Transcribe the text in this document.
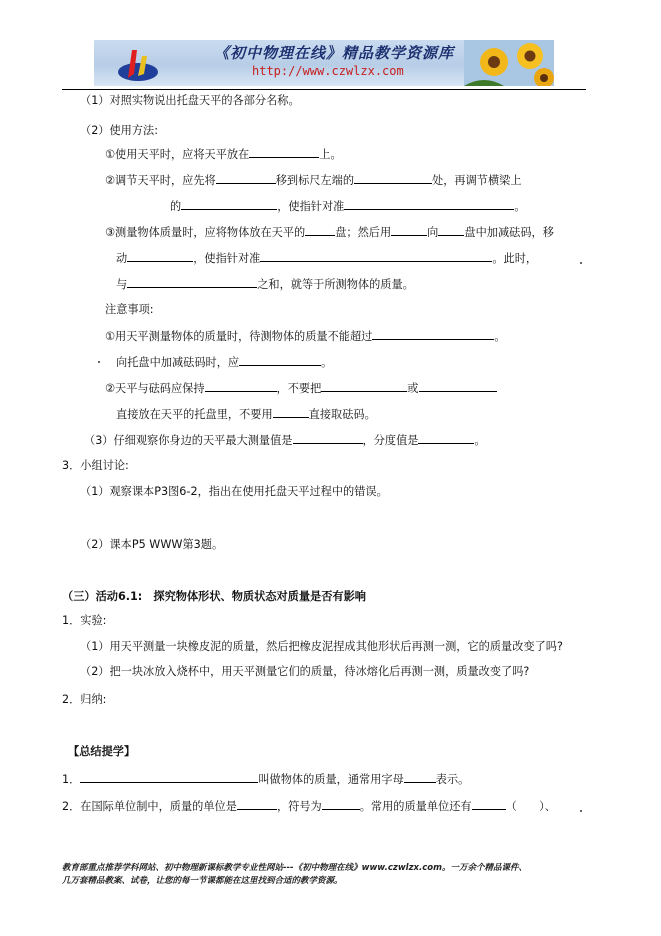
《初中物理在线》精品教学资源库
http://www.czwlzx.com
（1）对照实物说出托盘天平的各部分名称。
（2）使用方法:
①使用天平时，应将天平放在	上。
②调节天平时，应先将	移到标尺左端的	处，再调节横梁上
的	，使指针对准	。
③测量物体质量时，应将物体放在天平的	盘；然后用	向 盘中加减砝码，移
动	，使指针对准	。此时，
与	之和，就等于所测物体的质量。
注意事项:
①用天平测量物体的质量时，待测物体的质量不能超过	。
向托盘中加减砝码时，应	。
②天平与砝码应保持	，不要把	或
直接放在天平的托盘里，不要用	直接取砝码。
（3）仔细观察你身边的天平最大测量值是	，分度值是	。
3．小组讨论:
（1）观察课本P3图6-2，指出在使用托盘天平过程中的错误。
（2）课本P5 WWW第3题。
（三）活动6.1:　探究物体形状、物质状态对质量是否有影响
1．实验:
（1）用天平测量一块橡皮泥的质量，然后把橡皮泥捏成其他形状后再测一测，它的质量改变了吗?
（2）把一块冰放入烧杯中，用天平测量它们的质量，待冰熔化后再测一测，质量改变了吗?
2．归纳:
【总结提学】
1．	叫做物体的质量，通常用字母	表示。
2．在国际单位制中，质量的单位是	，符号为	。常用的质量单位还有	（　　）、
教育部重点推荐学科网站、初中物理新课标教学专业性网站---《初中物理在线》www.czwlzx.com。一万余个精品课件、
几万套精品教案、试卷，让您的每一节课都能在这里找到合适的教学资源。
